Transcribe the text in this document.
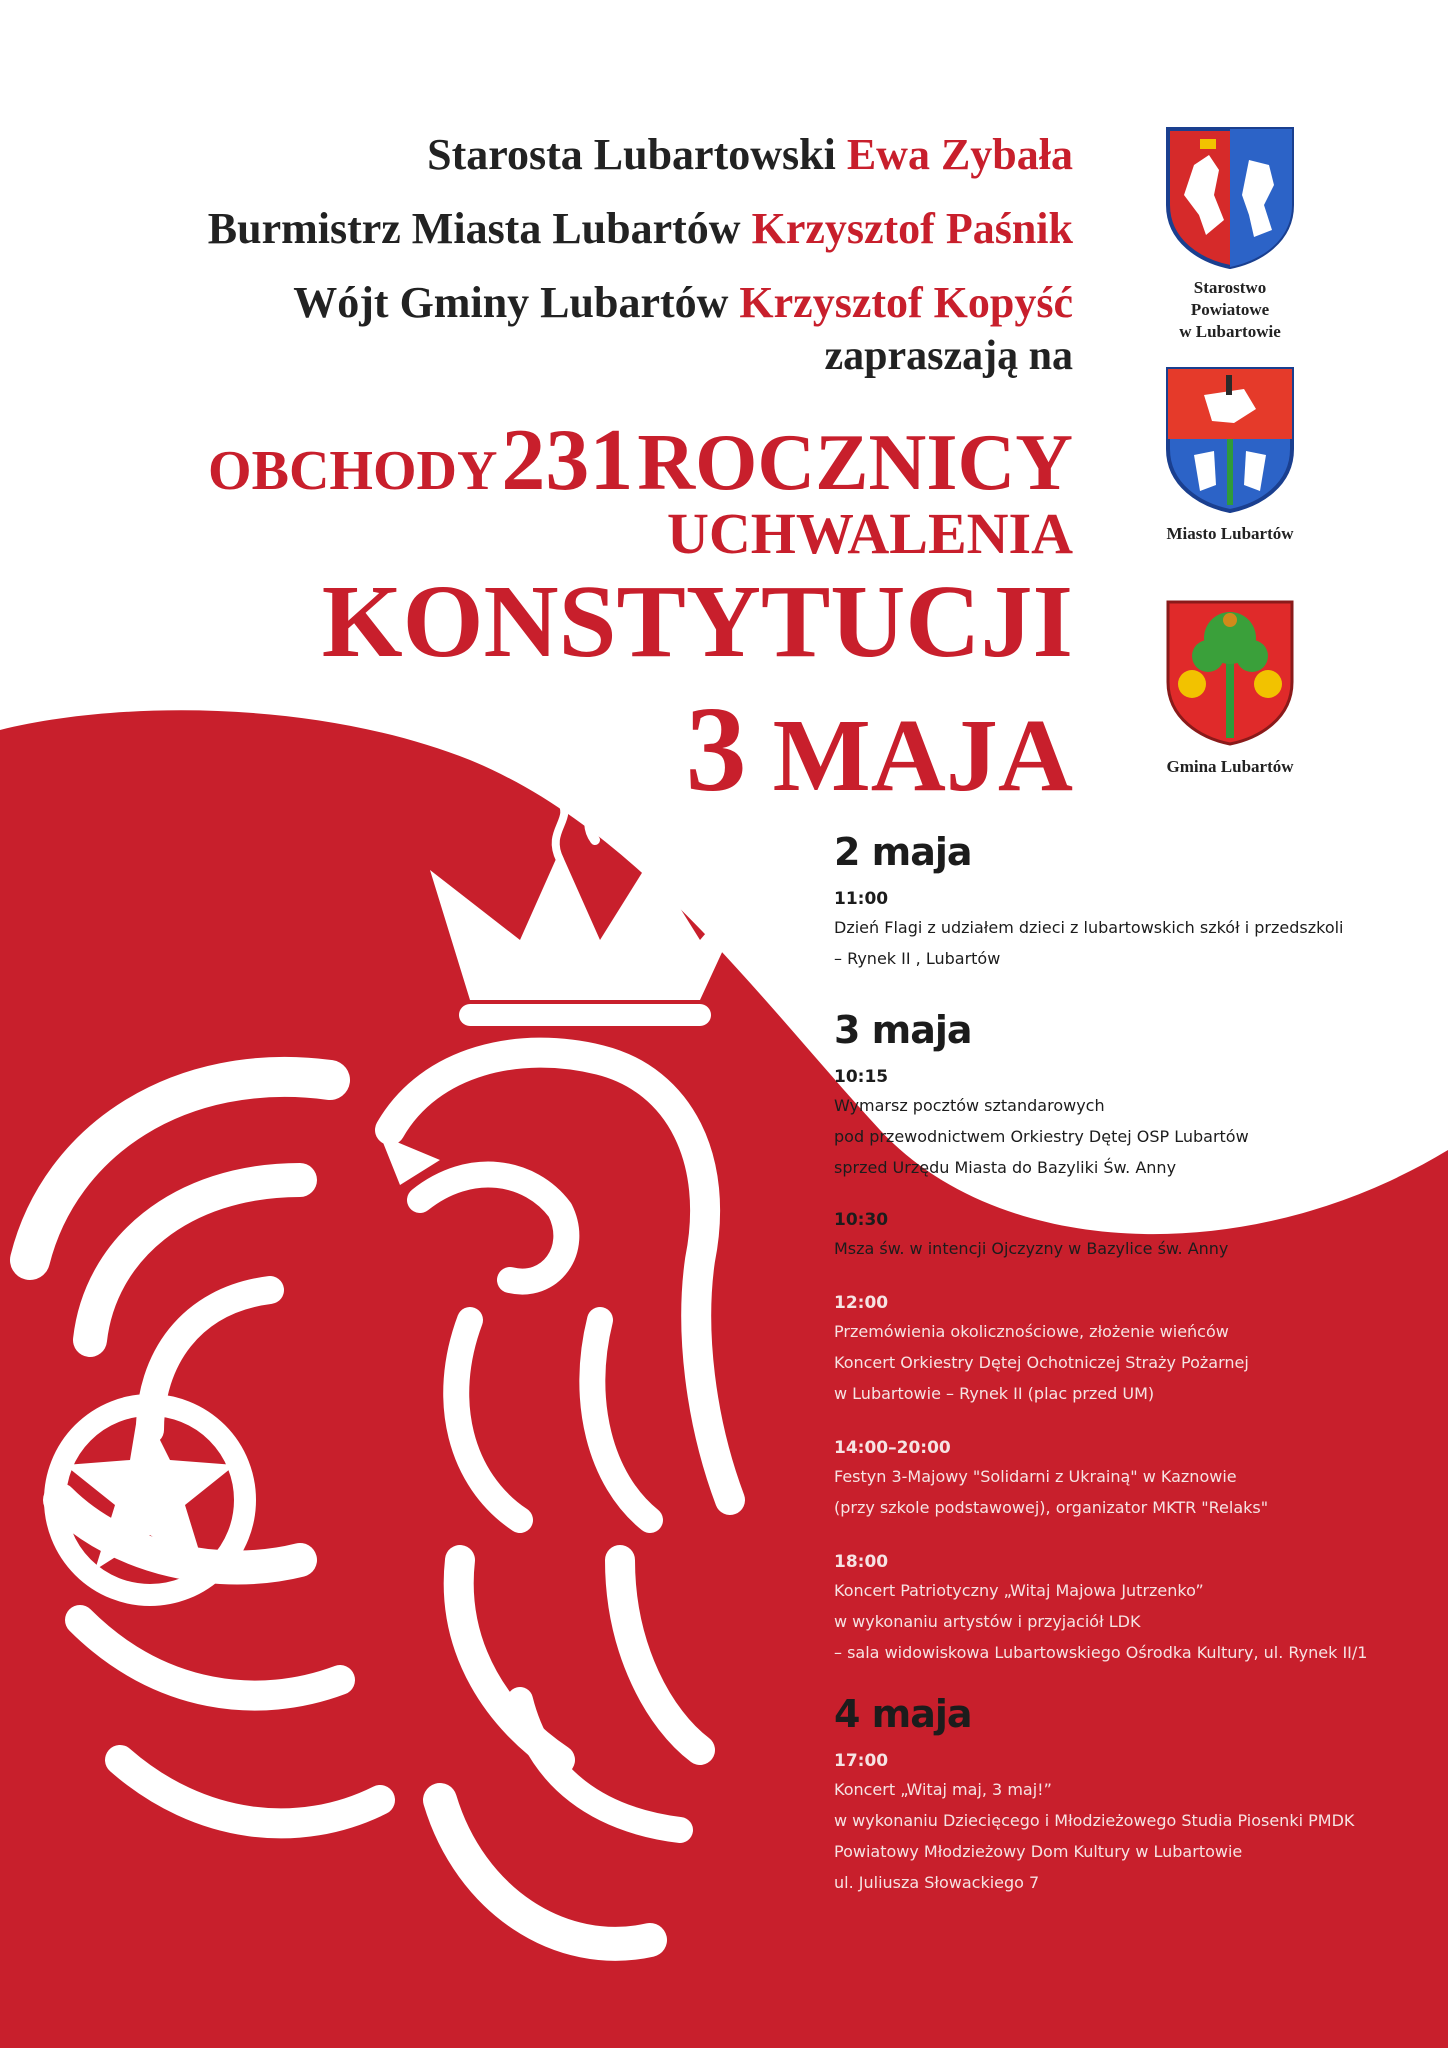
Starosta Lubartowski Ewa Zybała
Burmistrz Miasta Lubartów Krzysztof Paśnik
Wójt Gminy Lubartów Krzysztof Kopyść
zapraszają na
OBCHODY 231 ROCZNICY
UCHWALENIA
KONSTYTUCJI
3 MAJA
Starostwo Powiatowe
w Lubartowie
Miasto Lubartów
Gmina Lubartów
2 maja
11:00
Dzień Flagi z udziałem dzieci z lubartowskich szkół i przedszkoli
– Rynek II , Lubartów
3 maja
10:15
Wymarsz pocztów sztandarowych
pod przewodnictwem Orkiestry Dętej OSP Lubartów
sprzed Urzędu Miasta do Bazyliki Św. Anny
10:30
Msza św. w intencji Ojczyzny w Bazylice św. Anny
12:00
Przemówienia okolicznościowe, złożenie wieńców
Koncert Orkiestry Dętej Ochotniczej Straży Pożarnej
w Lubartowie – Rynek II (plac przed UM)
14:00–20:00
Festyn 3-Majowy "Solidarni z Ukrainą" w Kaznowie
(przy szkole podstawowej), organizator MKTR "Relaks"
18:00
Koncert Patriotyczny „Witaj Majowa Jutrzenko”
w wykonaniu artystów i przyjaciół LDK
– sala widowiskowa Lubartowskiego Ośrodka Kultury, ul. Rynek II/1
4 maja
17:00
Koncert „Witaj maj, 3 maj!”
w wykonaniu Dziecięcego i Młodzieżowego Studia Piosenki PMDK
Powiatowy Młodzieżowy Dom Kultury w Lubartowie
ul. Juliusza Słowackiego 7
